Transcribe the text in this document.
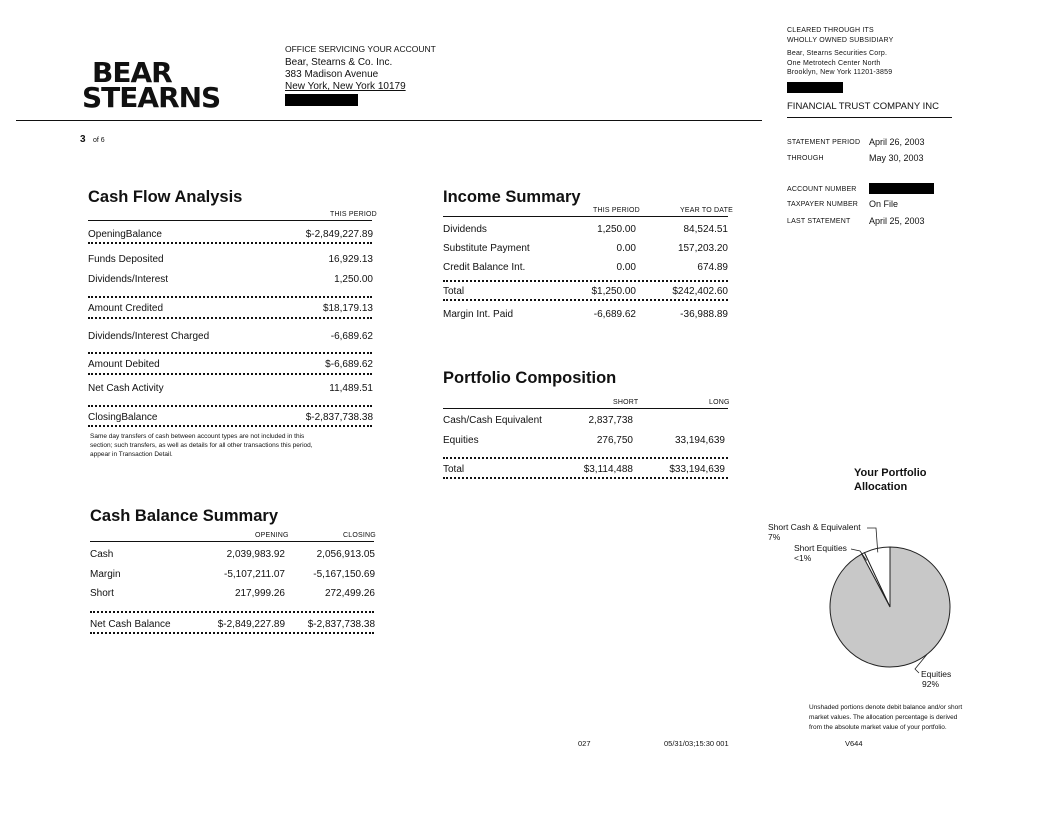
BEAR
STEARNS
OFFICE SERVICING YOUR ACCOUNT
Bear, Stearns & Co. Inc.
383 Madison Avenue
New York, New York 10179
CLEARED THROUGH ITS
WHOLLY OWNED SUBSIDIARY
Bear, Stearns Securities Corp.
One Metrotech Center North
Brooklyn, New York 11201-3859
FINANCIAL TRUST COMPANY INC
STATEMENT PERIOD April 26, 2003
THROUGH	May 30, 2003
ACCOUNT NUMBER
TAXPAYER NUMBER On File
LAST STATEMENT April 25, 2003
3 of 6
Cash Flow Analysis
THIS PERIOD
OpeningBalance	$-2,849,227.89
Funds Deposited	16,929.13
Dividends/Interest	1,250.00
Amount Credited	$18,179.13
Dividends/Interest Charged	-6,689.62
Amount Debited	$-6,689.62
Net Cash Activity	11,489.51
ClosingBalance	$-2,837,738.38
Same day transfers of cash between account types are not included in this
section; such transfers, as well as details for all other transactions this period,
appear in Transaction Detail.
Income Summary
THIS PERIOD	YEAR TO DATE
Dividends	1,250.00	84,524.51
Substitute Payment	0.00	157,203.20
Credit Balance Int.	0.00	674.89
Total	$1,250.00	$242,402.60
Margin Int. Paid	-6,689.62	-36,988.89
Portfolio Composition
SHORT	LONG
Cash/Cash Equivalent	2,837,738
Equities	276,750	33,194,639
Total	$3,114,488	$33,194,639
Cash Balance Summary
OPENING	CLOSING
Cash	2,039,983.92	2,056,913.05
Margin	-5,107,211.07	-5,167,150.69
Short	217,999.26	272,499.26
Net Cash Balance	$-2,849,227.89 $-2,837,738.38
Your Portfolio
Allocation
Short Cash & Equivalent
7%
Short Equities
<1%
Equities
92%
Unshaded portions denote debit balance and/or short
market values. The allocation percentage is derived
from the absolute market value of your portfolio.
027	05/31/03;15:30 001	V644
